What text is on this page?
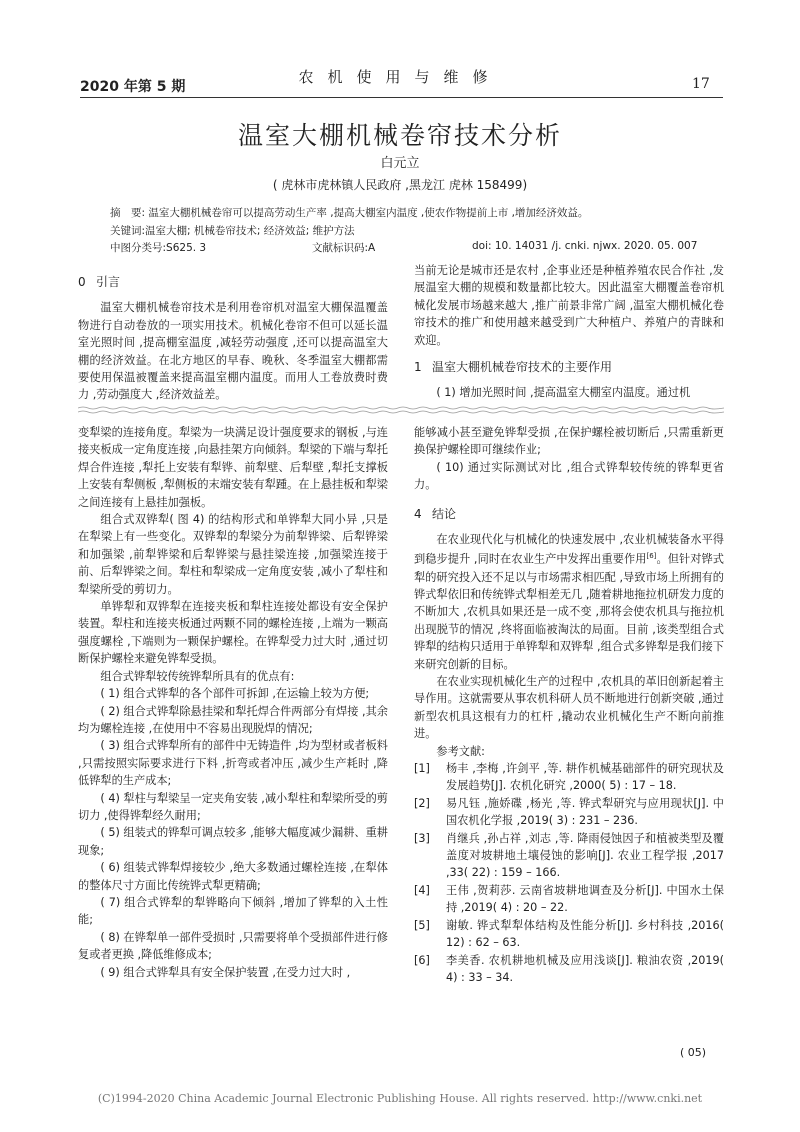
2020 年第 5 期
农机使用与维修	17
温室大棚机械卷帘技术分析
白元立
( 虎林市虎林镇人民政府 ,黑龙江 虎林 158499)
摘　要: 温室大棚机械卷帘可以提高劳动生产率 ,提高大棚室内温度 ,使农作物提前上市 ,增加经济效益。
关键词:温室大棚; 机械卷帘技术; 经济效益; 维护方法
中图分类号:S625. 3	文献标识码:A	doi: 10. 14031 /j. cnki. njwx. 2020. 05. 007
0 引言

温室大棚机械卷帘技术是利用卷帘机对温室大棚保温覆盖物进行自动卷放的一项实用技术。机械化卷帘不但可以延长温室光照时间 ,提高棚室温度 ,减轻劳动强度 ,还可以提高温室大棚的经济效益。在北方地区的早春、晚秋、冬季温室大棚都需要使用保温被覆盖来提高温室棚内温度。而用人工卷放费时费力 ,劳动强度大 ,经济效益差。

当前无论是城市还是农村 ,企事业还是种植养殖农民合作社 ,发展温室大棚的规模和数量都比较大。因此温室大棚覆盖卷帘机械化发展市场越来越大 ,推广前景非常广阔 ,温室大棚机械化卷帘技术的推广和使用越来越受到广大种植户、养殖户的青睐和欢迎。

1 温室大棚机械卷帘技术的主要作用

( 1) 增加光照时间 ,提高温室大棚室内温度。通过机

变犁梁的连接角度。犁梁为一块满足设计强度要求的钢板 ,与连接夹板成一定角度连接 ,向悬挂架方向倾斜。犁梁的下端与犁托焊合件连接 ,犁托上安装有犁铧、前犁壁、后犁壁 ,犁托支撑板上安装有犁侧板 ,犁侧板的末端安装有犁踵。在上悬挂板和犁梁之间连接有上悬挂加强板。

组合式双铧犁( 图 4) 的结构形式和单铧犁大同小异 ,只是在犁梁上有一些变化。双铧犁的犁梁分为前犁铧梁、后犁铧梁和加强梁 ,前犁铧梁和后犁铧梁与悬挂梁连接 ,加强梁连接于前、后犁铧梁之间。犁柱和犁梁成一定角度安装 ,减小了犁柱和犁梁所受的剪切力。

单铧犁和双铧犁在连接夹板和犁柱连接处都设有安全保护装置。犁柱和连接夹板通过两颗不同的螺栓连接 ,上端为一颗高强度螺栓 ,下端则为一颗保护螺栓。在铧犁受力过大时 ,通过切断保护螺栓来避免铧犁受损。

组合式铧犁较传统铧犁所具有的优点有:

( 1) 组合式铧犁的各个部件可拆卸 ,在运输上较为方便;

( 2) 组合式铧犁除悬挂梁和犁托焊合件两部分有焊接 ,其余均为螺栓连接 ,在使用中不容易出现脱焊的情况;

( 3) 组合式铧犁所有的部件中无铸造件 ,均为型材或者板料 ,只需按照实际要求进行下料 ,折弯或者冲压 ,减少生产耗时 ,降低铧犁的生产成本;

( 4) 犁柱与犁梁呈一定夹角安装 ,减小犁柱和犁梁所受的剪切力 ,使得铧犁经久耐用;

( 5) 组装式的铧犁可调点较多 ,能够大幅度减少漏耕、重耕现象;

( 6) 组装式铧犁焊接较少 ,绝大多数通过螺栓连接 ,在犁体的整体尺寸方面比传统铧式犁更精确;

( 7) 组合式铧犁的犁铧略向下倾斜 ,增加了铧犁的入土性能;

( 8) 在铧犁单一部件受损时 ,只需要将单个受损部件进行修复或者更换 ,降低维修成本;

( 9) 组合式铧犁具有安全保护装置 ,在受力过大时 ,

能够减小甚至避免铧犁受损 ,在保护螺栓被切断后 ,只需重新更换保护螺栓即可继续作业;

( 10) 通过实际测试对比 ,组合式铧犁较传统的铧犁更省力。

4 结论

在农业现代化与机械化的快速发展中 ,农业机械装备水平得到稳步提升 ,同时在农业生产中发挥出重要作用[6]。但针对铧式犁的研究投入还不足以与市场需求相匹配 ,导致市场上所拥有的铧式犁依旧和传统铧式犁相差无几 ,随着耕地拖拉机研发力度的不断加大 ,农机具如果还是一成不变 ,那将会使农机具与拖拉机出现脱节的情况 ,终将面临被淘汰的局面。目前 ,该类型组合式铧犁的结构只适用于单铧犁和双铧犁 ,组合式多铧犁是我们接下来研究创新的目标。

在农业实现机械化生产的过程中 ,农机具的革旧创新起着主导作用。这就需要从事农机科研人员不断地进行创新突破 ,通过新型农机具这根有力的杠杆 ,撬动农业机械化生产不断向前推进。

参考文献:

[1]	杨丰 ,李梅 ,许剑平 ,等. 耕作机械基础部件的研究现状及发展趋势[J]. 农机化研究 ,2000( 5) : 17 – 18.
[2]	易凡钰 ,施娇碟 ,杨光 ,等. 铧式犁研究与应用现状[J]. 中国农机化学报 ,2019( 3) : 231 – 236.
[3]	肖继兵 ,孙占祥 ,刘志 ,等. 降雨侵蚀因子和植被类型及覆盖度对坡耕地土壤侵蚀的影响[J]. 农业工程学报 ,2017 ,33( 22) : 159 – 166.
[4]	王伟 ,贺莉莎. 云南省坡耕地调查及分析[J]. 中国水土保持 ,2019( 4) : 20 – 22.
[5]	谢敏. 铧式犁犁体结构及性能分析[J]. 乡村科技 ,2016( 12) : 62 – 63.
[6]	李美香. 农机耕地机械及应用浅谈[J]. 粮油农资 ,2019( 4) : 33 – 34.
( 05)
(C)1994-2020 China Academic Journal Electronic Publishing House. All rights reserved. http://www.cnki.net
